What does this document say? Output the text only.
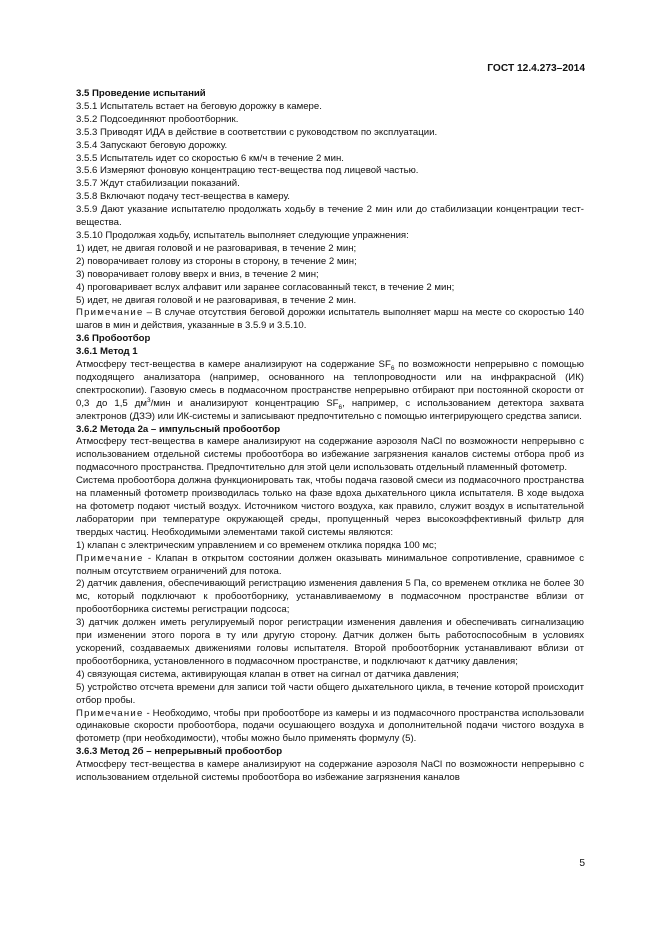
ГОСТ 12.4.273–2014

3.5 Проведение испытаний

3.5.1 Испытатель встает на беговую дорожку в камере.

3.5.2 Подсоединяют пробоотборник.

3.5.3 Приводят ИДА в действие в соответствии с руководством по эксплуатации.

3.5.4 Запускают беговую дорожку.

3.5.5 Испытатель идет со скоростью 6 км/ч в течение 2 мин.

3.5.6 Измеряют фоновую концентрацию тест-вещества под лицевой частью.

3.5.7 Ждут стабилизации показаний.

3.5.8 Включают подачу тест-вещества в камеру.

3.5.9 Дают указание испытателю продолжать ходьбу в течение 2 мин или до стабилизации концентрации тест-вещества.

3.5.10 Продолжая ходьбу, испытатель выполняет следующие упражнения:

1) идет, не двигая головой и не разговаривая, в течение 2 мин;

2) поворачивает голову из стороны в сторону, в течение 2 мин;

3) поворачивает голову вверх и вниз, в течение 2 мин;

4) проговаривает вслух алфавит или заранее согласованный текст, в течение 2 мин;

5) идет, не двигая головой и не разговаривая, в течение 2 мин.

Примечание – В случае отсутствия беговой дорожки испытатель выполняет марш на месте со скоростью 140 шагов в мин и действия, указанные в 3.5.9 и 3.5.10.

3.6 Пробоотбор

3.6.1 Метод 1

Атмосферу тест-вещества в камере анализируют на содержание $SF_6$ по возможности непрерывно с помощью подходящего анализатора (например, основанного на теплопроводности или на инфракрасной (ИК) спектроскопии). Газовую смесь в подмасочном пространстве непрерывно отбирают при постоянной скорости от 0,3 до 1,5 $дм^3$/мин и анализируют концентрацию $SF_6$, например, с использованием детектора захвата электронов (ДЗЭ) или ИК-системы и записывают предпочтительно с помощью интегрирующего средства записи.

3.6.2 Метода 2а – импульсный пробоотбор

Атмосферу тест-вещества в камере анализируют на содержание аэрозоля NaCl по возможности непрерывно с использованием отдельной системы пробоотбора во избежание загрязнения каналов системы отбора проб из подмасочного пространства. Предпочтительно для этой цели использовать отдельный пламенный фотометр.

Система пробоотбора должна функционировать так, чтобы подача газовой смеси из подмасочного пространства на пламенный фотометр производилась только на фазе вдоха дыхательного цикла испытателя. В ходе выдоха на фотометр подают чистый воздух. Источником чистого воздуха, как правило, служит воздух в испытательной лаборатории при температуре окружающей среды, пропущенный через высокоэффективный фильтр для твердых частиц. Необходимыми элементами такой системы являются:

1) клапан с электрическим управлением и со временем отклика порядка 100 мс;

Примечание - Клапан в открытом состоянии должен оказывать минимальное сопротивление, сравнимое с полным отсутствием ограничений для потока.

2) датчик давления, обеспечивающий регистрацию изменения давления 5 Па, со временем отклика не более 30 мс, который подключают к пробоотборнику, устанавливаемому в подмасочном пространстве вблизи от пробоотборника системы регистрации подсоса;

3) датчик должен иметь регулируемый порог регистрации изменения давления и обеспечивать сигнализацию при изменении этого порога в ту или другую сторону. Датчик должен быть работоспособным в условиях ускорений, создаваемых движениями головы испытателя. Второй пробоотборник устанавливают вблизи от пробоотборника, установленного в подмасочном пространстве, и подключают к датчику давления;

4) связующая система, активирующая клапан в ответ на сигнал от датчика давления;

5) устройство отсчета времени для записи той части общего дыхательного цикла, в течение которой происходит отбор пробы.

Примечание - Необходимо, чтобы при пробоотборе из камеры и из подмасочного пространства использовали одинаковые скорости пробоотбора, подачи осушающего воздуха и дополнительной подачи чистого воздуха в фотометр (при необходимости), чтобы можно было применять формулу (5).

3.6.3 Метод 2б – непрерывный пробоотбор

Атмосферу тест-вещества в камере анализируют на содержание аэрозоля NaCl по возможности непрерывно с использованием отдельной системы пробоотбора во избежание загрязнения каналов

5
